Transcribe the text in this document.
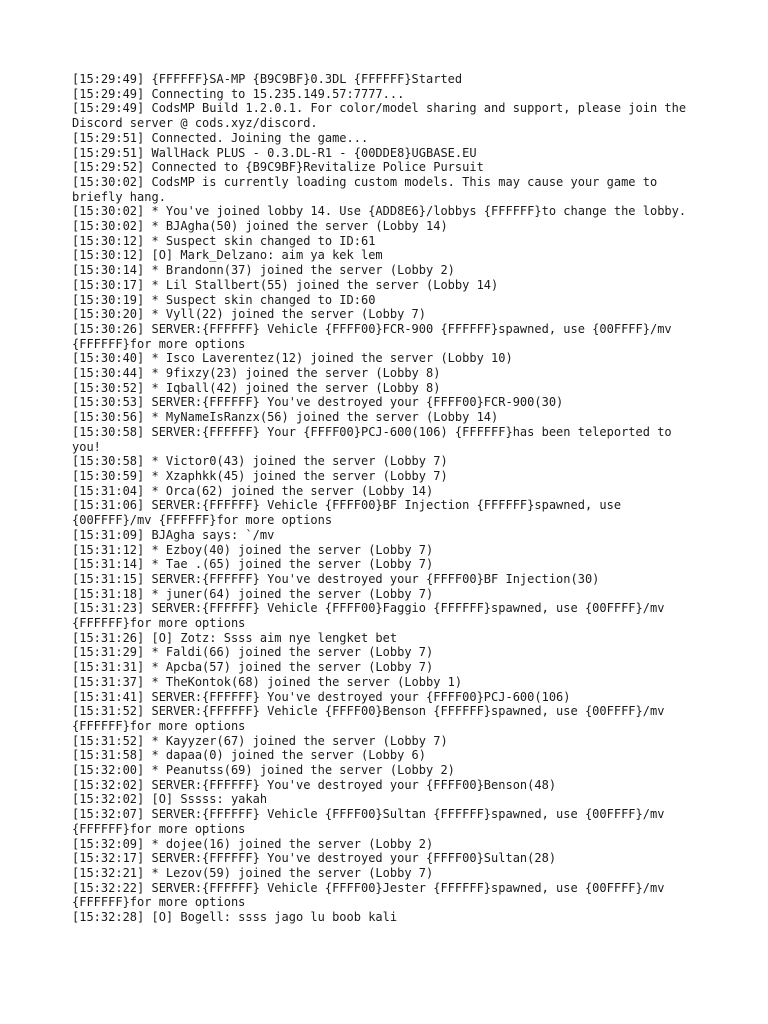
[15:29:49] {FFFFFF}SA-MP {B9C9BF}0.3DL {FFFFFF}Started
[15:29:49] Connecting to 15.235.149.57:7777...
[15:29:49] CodsMP Build 1.2.0.1. For color/model sharing and support, please join the Discord server @ cods.xyz/discord.
[15:29:51] Connected. Joining the game...
[15:29:51] WallHack PLUS - 0.3.DL-R1 - {00DDE8}UGBASE.EU
[15:29:52] Connected to {B9C9BF}Revitalize Police Pursuit
[15:30:02] CodsMP is currently loading custom models. This may cause your game to briefly hang.
[15:30:02] * You've joined lobby 14. Use {ADD8E6}/lobbys {FFFFFF}to change the lobby.
[15:30:02] * BJAgha(50) joined the server (Lobby 14)
[15:30:12] * Suspect skin changed to ID:61
[15:30:12] [O] Mark_Delzano: aim ya kek lem
[15:30:14] * Brandonn(37) joined the server (Lobby 2)
[15:30:17] * Lil Stallbert(55) joined the server (Lobby 14)
[15:30:19] * Suspect skin changed to ID:60
[15:30:20] * Vyll(22) joined the server (Lobby 7)
[15:30:26] SERVER:{FFFFFF} Vehicle {FFFF00}FCR-900 {FFFFFF}spawned, use {00FFFF}/mv {FFFFFF}for more options
[15:30:40] * Isco Laverentez(12) joined the server (Lobby 10)
[15:30:44] * 9fixzy(23) joined the server (Lobby 8)
[15:30:52] * Iqball(42) joined the server (Lobby 8)
[15:30:53] SERVER:{FFFFFF} You've destroyed your {FFFF00}FCR-900(30)
[15:30:56] * MyNameIsRanzx(56) joined the server (Lobby 14)
[15:30:58] SERVER:{FFFFFF} Your {FFFF00}PCJ-600(106) {FFFFFF}has been teleported to you!
[15:30:58] * Victor0(43) joined the server (Lobby 7)
[15:30:59] * Xzaphkk(45) joined the server (Lobby 7)
[15:31:04] * Orca(62) joined the server (Lobby 14)
[15:31:06] SERVER:{FFFFFF} Vehicle {FFFF00}BF Injection {FFFFFF}spawned, use {00FFFF}/mv {FFFFFF}for more options
[15:31:09] BJAgha says: `/mv
[15:31:12] * Ezboy(40) joined the server (Lobby 7)
[15:31:14] * Tae .(65) joined the server (Lobby 7)
[15:31:15] SERVER:{FFFFFF} You've destroyed your {FFFF00}BF Injection(30)
[15:31:18] * juner(64) joined the server (Lobby 7)
[15:31:23] SERVER:{FFFFFF} Vehicle {FFFF00}Faggio {FFFFFF}spawned, use {00FFFF}/mv {FFFFFF}for more options
[15:31:26] [O] Zotz: Ssss aim nye lengket bet
[15:31:29] * Faldi(66) joined the server (Lobby 7)
[15:31:31] * Apcba(57) joined the server (Lobby 7)
[15:31:37] * TheKontok(68) joined the server (Lobby 1)
[15:31:41] SERVER:{FFFFFF} You've destroyed your {FFFF00}PCJ-600(106)
[15:31:52] SERVER:{FFFFFF} Vehicle {FFFF00}Benson {FFFFFF}spawned, use {00FFFF}/mv {FFFFFF}for more options
[15:31:52] * Kayyzer(67) joined the server (Lobby 7)
[15:31:58] * dapaa(0) joined the server (Lobby 6)
[15:32:00] * Peanutss(69) joined the server (Lobby 2)
[15:32:02] SERVER:{FFFFFF} You've destroyed your {FFFF00}Benson(48)
[15:32:02] [O] Sssss: yakah
[15:32:07] SERVER:{FFFFFF} Vehicle {FFFF00}Sultan {FFFFFF}spawned, use {00FFFF}/mv {FFFFFF}for more options
[15:32:09] * dojee(16) joined the server (Lobby 2)
[15:32:17] SERVER:{FFFFFF} You've destroyed your {FFFF00}Sultan(28)
[15:32:21] * Lezov(59) joined the server (Lobby 7)
[15:32:22] SERVER:{FFFFFF} Vehicle {FFFF00}Jester {FFFFFF}spawned, use {00FFFF}/mv {FFFFFF}for more options
[15:32:28] [O] Bogell: ssss jago lu boob kali
